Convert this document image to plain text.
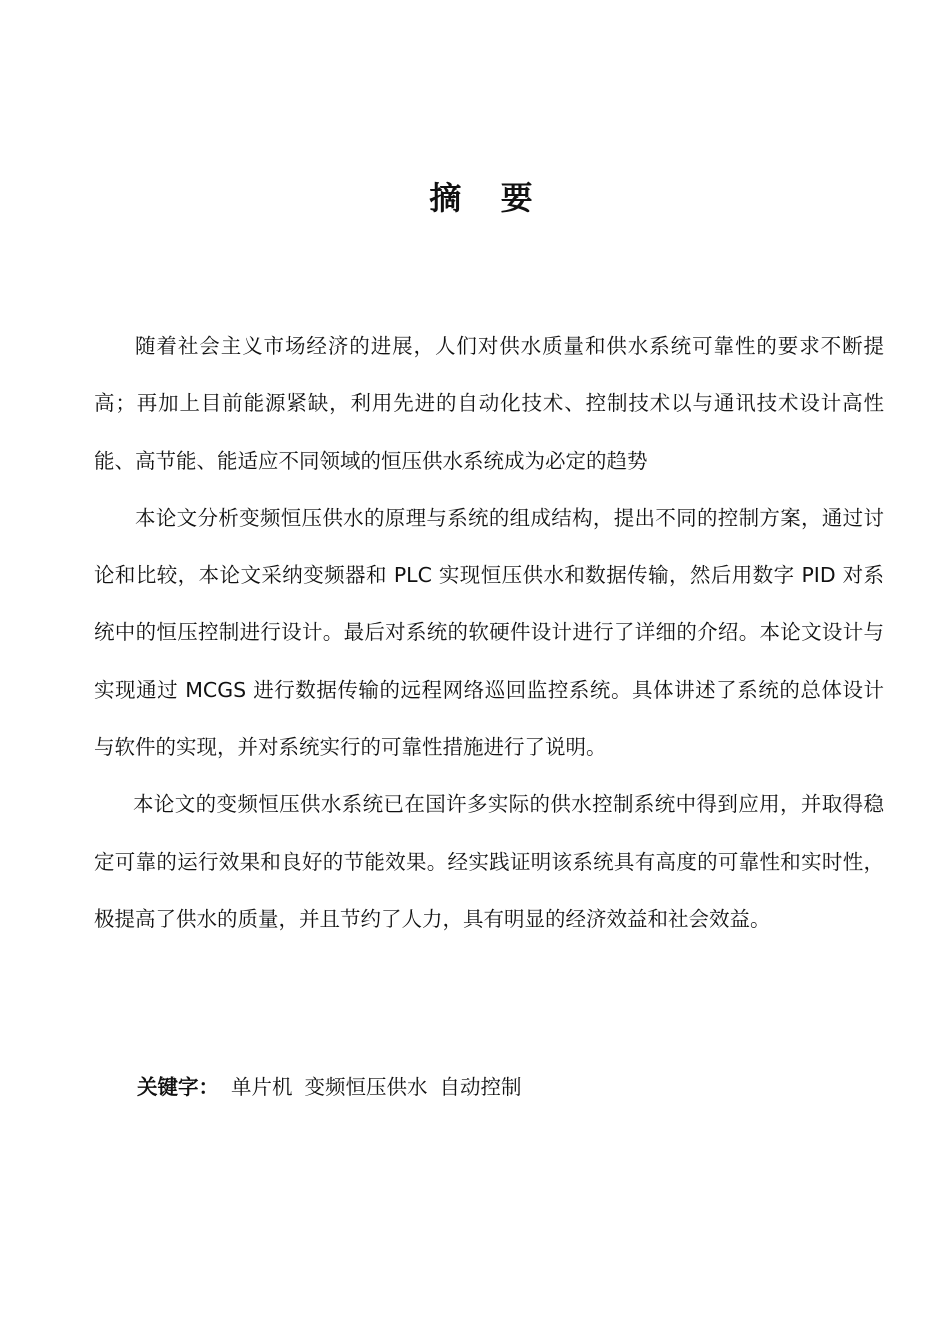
摘 要

随着社会主义市场经济的进展，人们对供水质量和供水系统可靠性的要求不断提高；再加上目前能源紧缺，利用先进的自动化技术、控制技术以与通讯技术设计高性能、高节能、能适应不同领域的恒压供水系统成为必定的趋势

本论文分析变频恒压供水的原理与系统的组成结构，提出不同的控制方案，通过讨论和比较，本论文采纳变频器和 PLC 实现恒压供水和数据传输，然后用数字 PID 对系统中的恒压控制进行设计。最后对系统的软硬件设计进行了详细的介绍。本论文设计与实现通过 MCGS 进行数据传输的远程网络巡回监控系统。具体讲述了系统的总体设计与软件的实现，并对系统实行的可靠性措施进行了说明。

本论文的变频恒压供水系统已在国许多实际的供水控制系统中得到应用，并取得稳定可靠的运行效果和良好的节能效果。经实践证明该系统具有高度的可靠性和实时性，极提高了供水的质量，并且节约了人力，具有明显的经济效益和社会效益。

关键字： 单片机 变频恒压供水 自动控制
